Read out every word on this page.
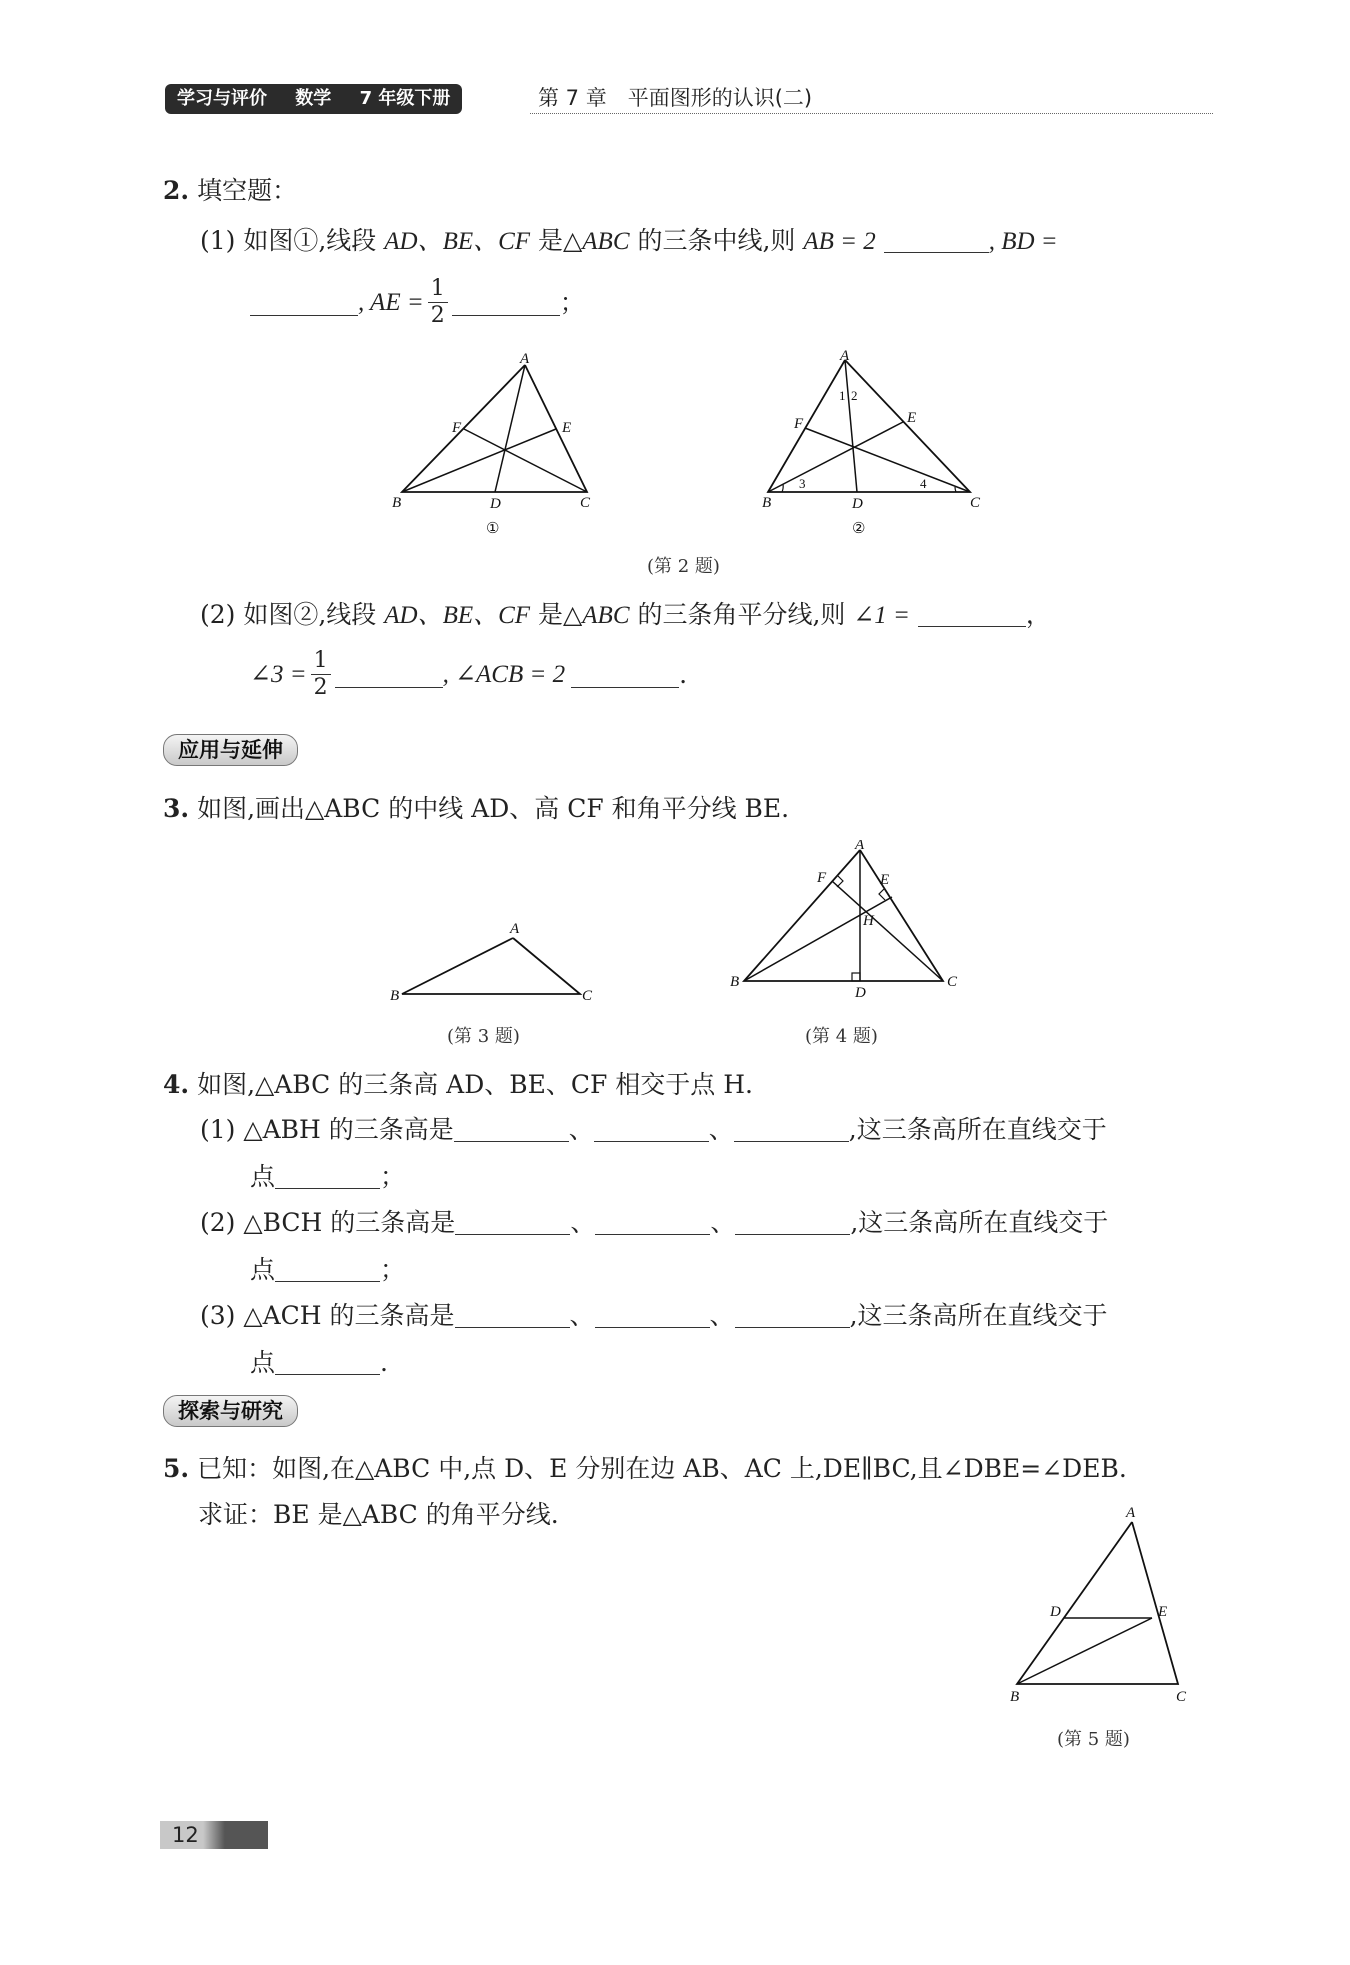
学习与评价 数学 7 年级下册	第 7 章　平面图形的认识(二)
2. 填空题：
(1) 如图①,线段 AD、BE、CF 是△ABC 的三条中线,则 AB = 2	, BD =
, AE = $\frac{1}{2}$	；
A
F	E
B	D	C
①
A
1 2
F	E
3	4
B	D	C
②
(第 2 题)
(2) 如图②,线段 AD、BE、CF 是△ABC 的三条角平分线,则 ∠1 =	，
∠3 = $\frac{1}{2}$	, ∠ACB = 2	.
应用与延伸
3. 如图,画出△ABC 的中线 AD、高 CF 和角平分线 BE.
A
B	C
A
F	E
H
B	C
D
(第 3 题)	(第 4 题)
4. 如图,△ABC 的三条高 AD、BE、CF 相交于点 H.
(1) △ABH 的三条高是	、	、	,这三条高所在直线交于
点	；
(2) △BCH 的三条高是	、	、	,这三条高所在直线交于
点	；
(3) △ACH 的三条高是	、	、	,这三条高所在直线交于
点	.
探索与研究
5. 已知：如图,在△ABC 中,点 D、E 分别在边 AB、AC 上,DE∥BC,且∠DBE=∠DEB.
求证：BE 是△ABC 的角平分线.	A
D	E
B	C
(第 5 题)
12
